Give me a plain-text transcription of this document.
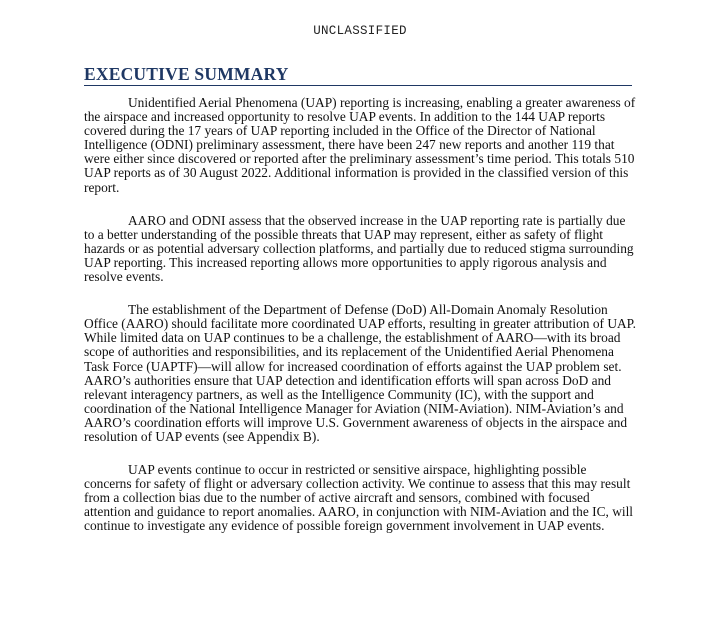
UNCLASSIFIED
EXECUTIVE SUMMARY

Unidentified Aerial Phenomena (UAP) reporting is increasing, enabling a greater awareness of the airspace and increased opportunity to resolve UAP events. In addition to the 144 UAP reports covered during the 17 years of UAP reporting included in the Office of the Director of National Intelligence (ODNI) preliminary assessment, there have been 247 new reports and another 119 that were either since discovered or reported after the preliminary assessment’s time period. This totals 510 UAP reports as of 30 August 2022. Additional information is provided in the classified version of this report.

AARO and ODNI assess that the observed increase in the UAP reporting rate is partially due to a better understanding of the possible threats that UAP may represent, either as safety of flight hazards or as potential adversary collection platforms, and partially due to reduced stigma surrounding UAP reporting. This increased reporting allows more opportunities to apply rigorous analysis and resolve events.

The establishment of the Department of Defense (DoD) All-Domain Anomaly Resolution Office (AARO) should facilitate more coordinated UAP efforts, resulting in greater attribution of UAP. While limited data on UAP continues to be a challenge, the establishment of AARO—with its broad scope of authorities and responsibilities, and its replacement of the Unidentified Aerial Phenomena Task Force (UAPTF)—will allow for increased coordination of efforts against the UAP problem set. AARO’s authorities ensure that UAP detection and identification efforts will span across DoD and relevant interagency partners, as well as the Intelligence Community (IC), with the support and coordination of the National Intelligence Manager for Aviation (NIM-Aviation). NIM-Aviation’s and AARO’s coordination efforts will improve U.S. Government awareness of objects in the airspace and resolution of UAP events (see Appendix B).

UAP events continue to occur in restricted or sensitive airspace, highlighting possible concerns for safety of flight or adversary collection activity. We continue to assess that this may result from a collection bias due to the number of active aircraft and sensors, combined with focused attention and guidance to report anomalies. AARO, in conjunction with NIM-Aviation and the IC, will continue to investigate any evidence of possible foreign government involvement in UAP events.
